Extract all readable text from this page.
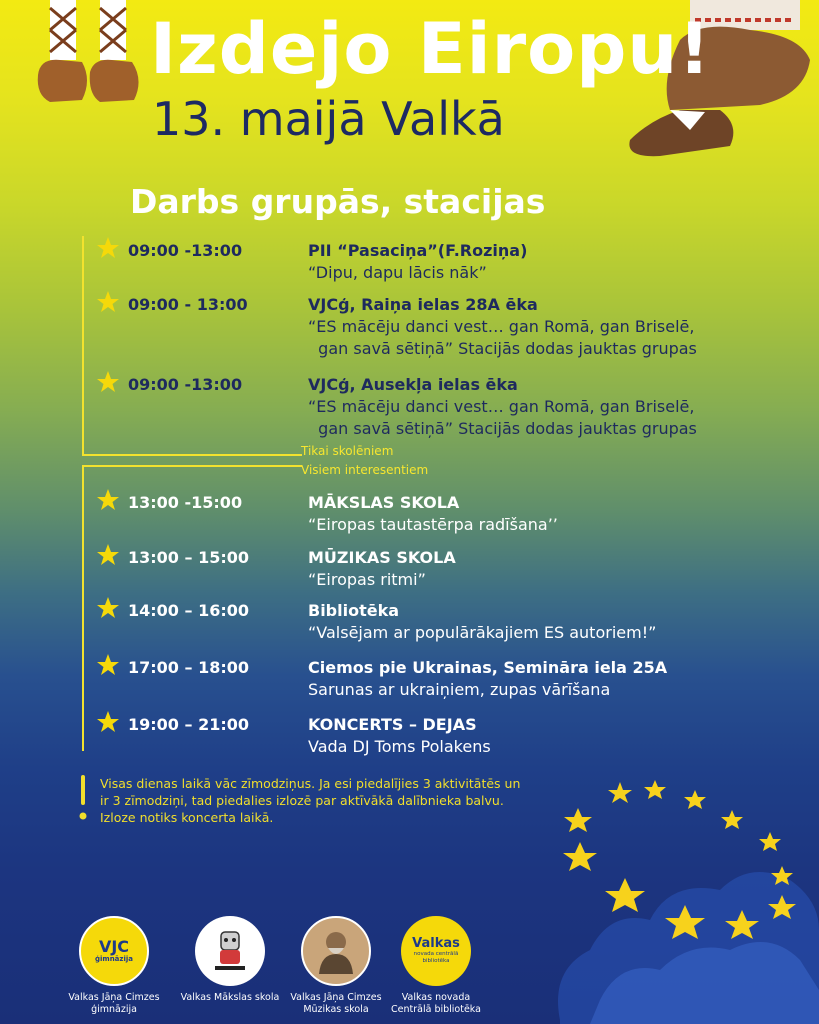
Izdejo Eiropu!
13. maijā Valkā
Darbs grupās, stacijas
Tikai skolēniem
Visiem interesentiem
09:00 -13:00	PII “Pasaciņa”(F.Roziņa)
“Dipu, dapu lācis nāk”
09:00 - 13:00	VJCģ, Raiņa ielas 28A ēka
“ES mācēju danci vest… gan Romā, gan Briselē,
gan savā sētiņā” Stacijās dodas jauktas grupas
09:00 -13:00	VJCģ, Ausekļa ielas ēka
“ES mācēju danci vest… gan Romā, gan Briselē,
gan savā sētiņā” Stacijās dodas jauktas grupas
13:00 -15:00	MĀKSLAS SKOLA
“Eiropas tautastērpa radīšana’’
13:00 – 15:00	MŪZIKAS SKOLA
“Eiropas ritmi”
14:00 – 16:00	Bibliotēka
“Valsējam ar populārākajiem ES autoriem!”
17:00 – 18:00	Ciemos pie Ukrainas, Semināra iela 25A
Sarunas ar ukraiņiem, zupas vārīšana
19:00 – 21:00	KONCERTS – DEJAS
Vada DJ Toms Polakens
Visas dienas laikā vāc zīmodziņus. Ja esi piedalījies 3 aktivitātēs un
ir 3 zīmodziņi, tad piedalies izlozē par aktīvākā dalībnieka balvu.
Izloze notiks koncerta laikā.
VJC
ģimnāzija
Valkas Jāņa Cimzes
ģimnāzija
Valkas Mākslas skola	Valkas Jāņa Cimzes
Mūzikas skola
Valkas
novada centrālā bibliotēka
Valkas novada
Centrālā bibliotēka
